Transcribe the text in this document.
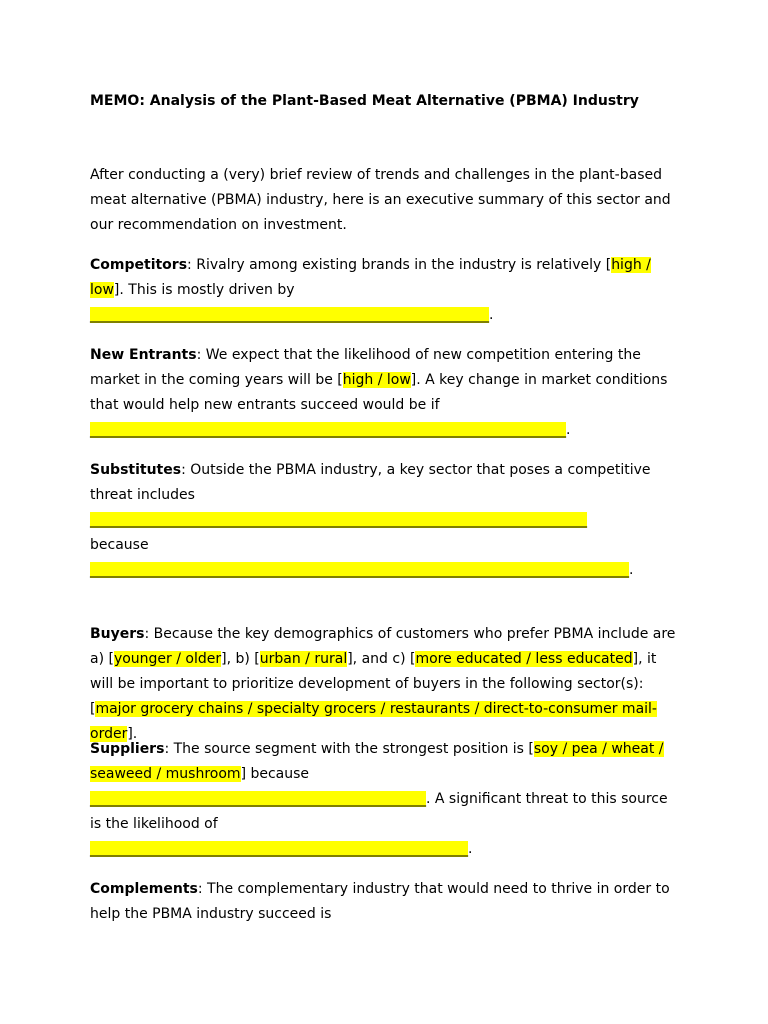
MEMO: Analysis of the Plant-Based Meat Alternative (PBMA) Industry

After conducting a (very) brief review of trends and challenges in the plant-based meat alternative (PBMA) industry, here is an executive summary of this sector and our recommendation on investment.

Competitors: Rivalry among existing brands in the industry is relatively [high / low]. This is mostly driven by
_________________________________________________________.

New Entrants: We expect that the likelihood of new competition entering the market in the coming years will be [high / low]. A key change in market conditions that would help new entrants succeed would be if
____________________________________________________________________.

Substitutes: Outside the PBMA industry, a key sector that poses a competitive threat includes
_______________________________________________________________________
because
_____________________________________________________________________________.

Buyers: Because the key demographics of customers who prefer PBMA include are a) [younger / older], b) [urban / rural], and c) [more educated / less educated], it will be important to prioritize development of buyers in the following sector(s): [major grocery chains / specialty grocers / restaurants / direct-to-consumer mail-order].

Suppliers: The source segment with the strongest position is [soy / pea / wheat / seaweed / mushroom] because
________________________________________________. A significant threat to this source is the likelihood of
______________________________________________________.

Complements: The complementary industry that would need to thrive in order to help the PBMA industry succeed is
